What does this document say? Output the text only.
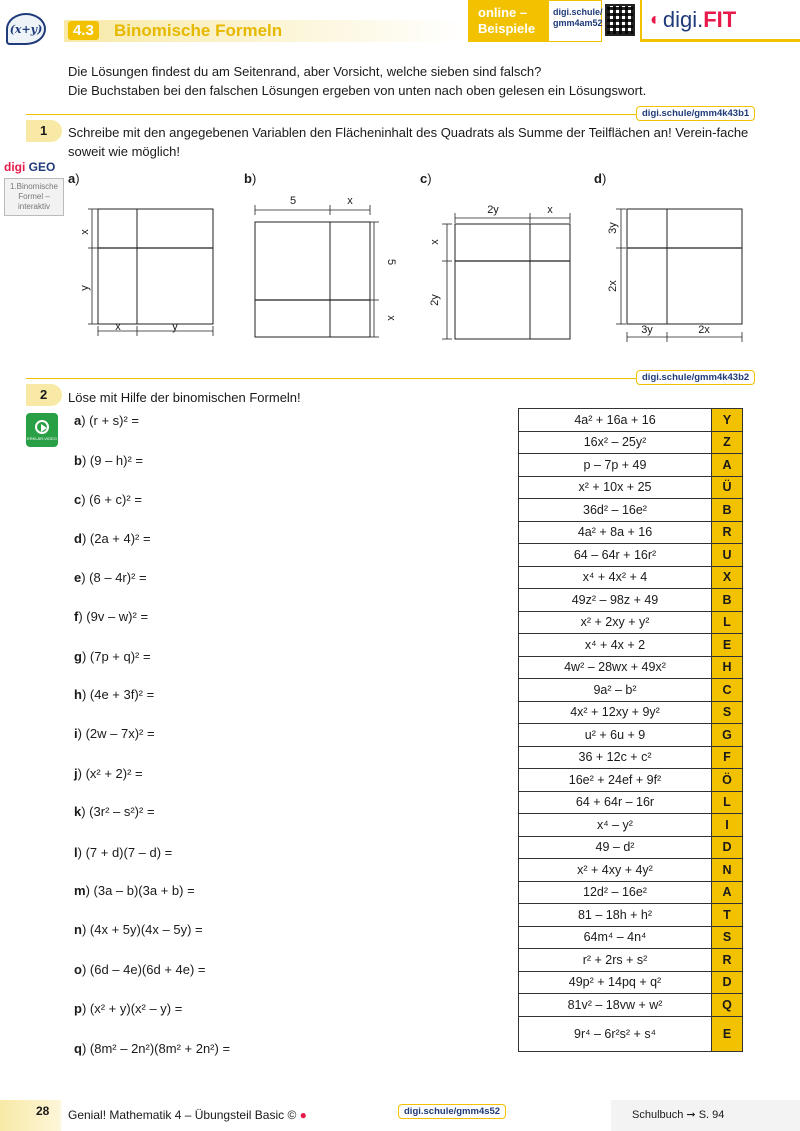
(x+y)	4.3 Binomische Formeln
online –
Beispiele
digi.schule/
gmm4am52	◐ digi.FIT
Die Lösungen findest du am Seitenrand, aber Vorsicht, welche sieben sind falsch?
Die Buchstaben bei den falschen Lösungen ergeben von unten nach oben gelesen ein Lösungswort.
digi.schule/gmm4k43b1
1	Schreibe mit den angegebenen Variablen den Flächeninhalt des Quadrats als Summe der Teilflächen an! Verein-fache soweit wie möglich!
digi GEO
1.Binomische Formel – interaktiv
a)	b)	c)	d)
x
y
x	y
5	x
5
x
2y	x
x
2y
3y
2x
3y	2x
digi.schule/gmm4k43b2
2	Löse mit Hilfe der binomischen Formeln!
ERKLÄR-VIDEO
a) (r + s)² =
b) (9 – h)² =
c) (6 + c)² =
d) (2a + 4)² =
e) (8 – 4r)² =
f) (9v – w)² =
g) (7p + q)² =
h) (4e + 3f)² =
i) (2w – 7x)² =
j) (x² + 2)² =
k) (3r² – s²)² =
l) (7 + d)(7 – d) =
m) (3a – b)(3a + b) =
n) (4x + 5y)(4x – 5y) =
o) (6d – 4e)(6d + 4e) =
p) (x² + y)(x² – y) =
q) (8m² – 2n²)(8m² + 2n²) =
4a² + 16a + 16	Y
16x² – 25y²	Z
p – 7p + 49	A
x² + 10x + 25	Ü
36d² – 16e²	B
4a² + 8a + 16	R
64 – 64r + 16r²	U
x⁴ + 4x² + 4	X
49z² – 98z + 49	B
x² + 2xy + y²	L
x⁴ + 4x + 2	E
4w² – 28wx + 49x²	H
9a² – b²	C
4x² + 12xy + 9y²	S
u² + 6u + 9	G
36 + 12c + c²	F
16e² + 24ef + 9f²	Ö
64 + 64r – 16r	L
x⁴ – y²	I
49 – d²	D
x² + 4xy + 4y²	N
12d² – 16e²	A
81 – 18h + h²	T
64m⁴ – 4n⁴	S
r² + 2rs + s²	R
49p² + 14pq + q²	D
81v² – 18vw + w²	Q
9r⁴ – 6r²s² + s⁴	E
28 Genial! Mathematik 4 – Übungsteil Basic © ●	digi.schule/gmm4s52	Schulbuch ➞ S. 94
